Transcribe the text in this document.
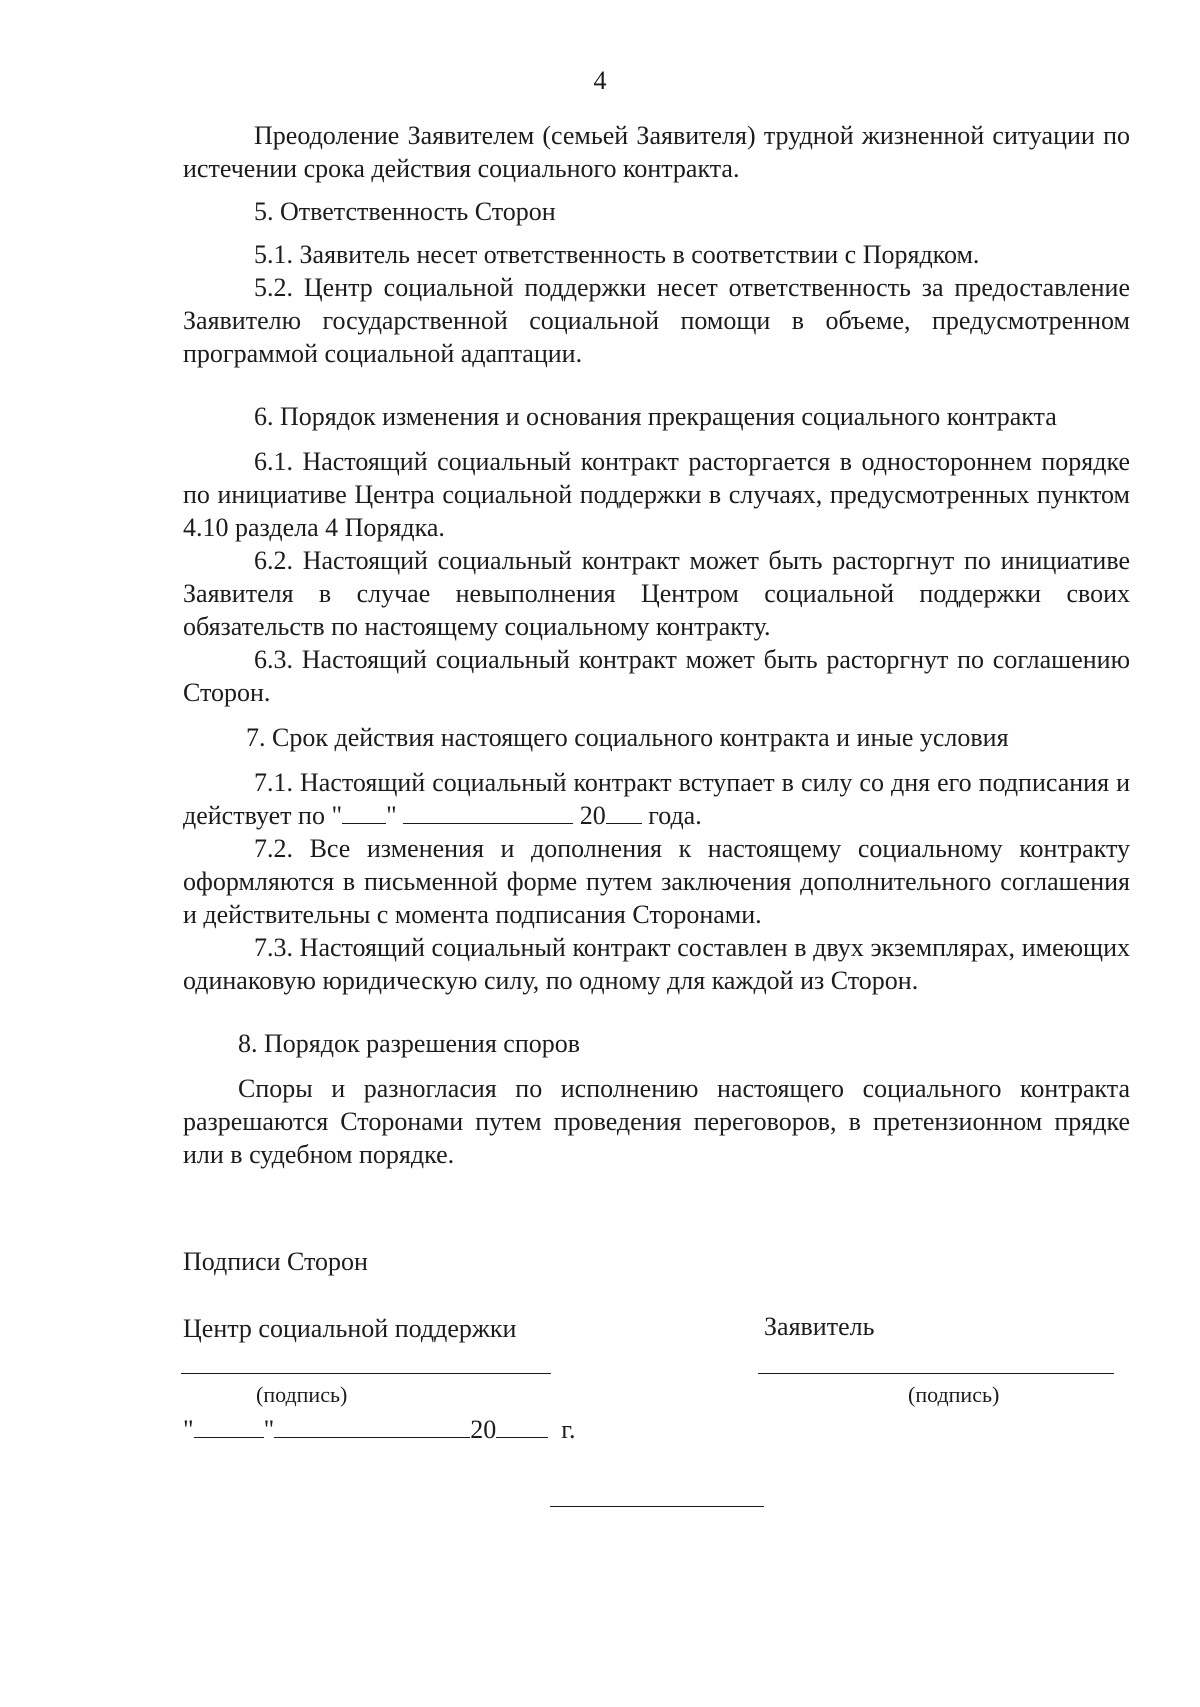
4

Преодоление Заявителем (семьей Заявителя) трудной жизненной ситуации по истечении срока действия социального контракта.

5. Ответственность Сторон

5.1. Заявитель несет ответственность в соответствии с Порядком.

5.2. Центр социальной поддержки несет ответственность за предоставление Заявителю государственной социальной помощи в объеме, предусмотренном программой социальной адаптации.

6. Порядок изменения и основания прекращения социального контракта

6.1. Настоящий социальный контракт расторгается в одностороннем порядке по инициативе Центра социальной поддержки в случаях, предусмотренных пунктом 4.10 раздела 4 Порядка.

6.2. Настоящий социальный контракт может быть расторгнут по инициативе Заявителя в случае невыполнения Центром социальной поддержки своих обязательств по настоящему социальному контракту.

6.3. Настоящий социальный контракт может быть расторгнут по соглашению Сторон.

7. Срок действия настоящего социального контракта и иные условия

7.1. Настоящий социальный контракт вступает в силу со дня его подписания и действует по " "	20 года.

7.2. Все изменения и дополнения к настоящему социальному контракту оформляются в письменной форме путем заключения дополнительного соглашения и действительны с момента подписания Сторонами.

7.3. Настоящий социальный контракт составлен в двух экземплярах, имеющих одинаковую юридическую силу, по одному для каждой из Сторон.

8. Порядок разрешения споров

Споры и разногласия по исполнению настоящего социального контракта разрешаются Сторонами путем проведения переговоров, в претензионном прядке или в судебном порядке.

Подписи Сторон
Центр социальной поддержки	Заявитель
(подпись)	(подпись)
"	"	20	г.
